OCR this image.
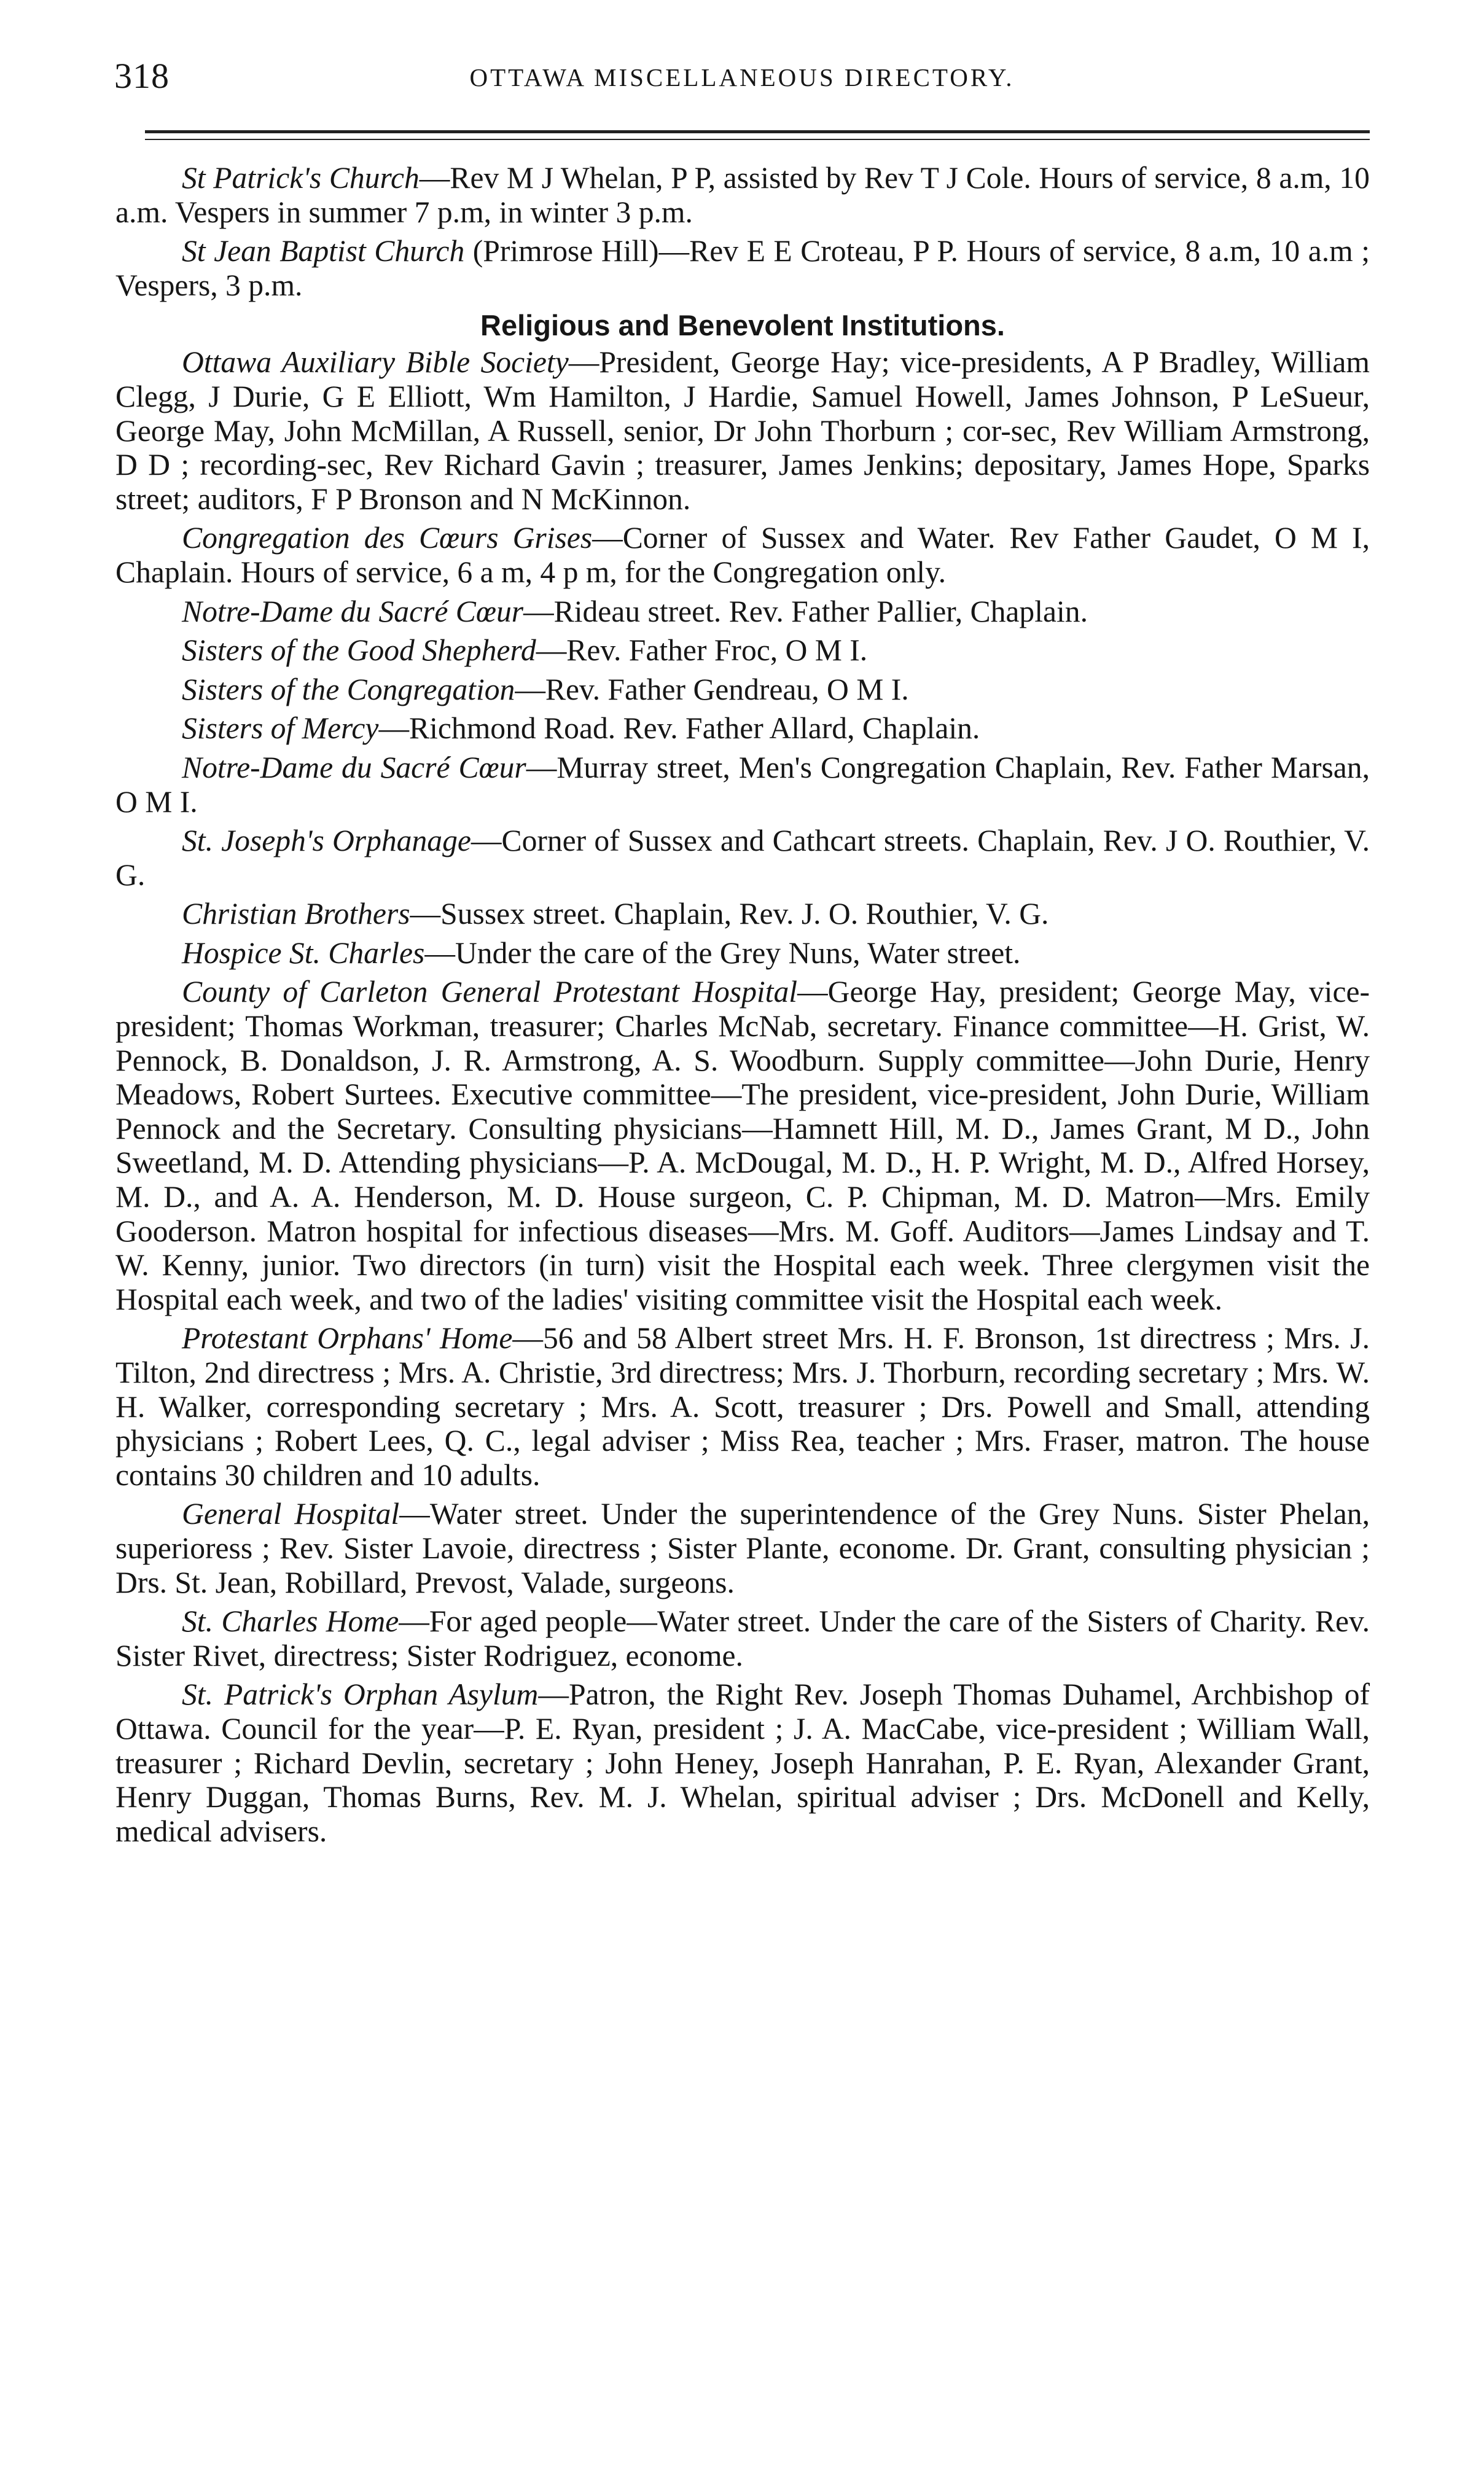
318	OTTAWA MISCELLANEOUS DIRECTORY.

St Patrick's Church—Rev M J Whelan, P P, assisted by Rev T J Cole. Hours of service, 8 a.m, 10 a.m. Vespers in summer 7 p.m, in winter 3 p.m.

St Jean Baptist Church (Primrose Hill)—Rev E E Croteau, P P. Hours of service, 8 a.m, 10 a.m ; Vespers, 3 p.m.

Religious and Benevolent Institutions.

Ottawa Auxiliary Bible Society—President, George Hay; vice-presidents, A P Bradley, William Clegg, J Durie, G E Elliott, Wm Hamilton, J Hardie, Samuel Howell, James Johnson, P LeSueur, George May, John McMillan, A Russell, senior, Dr John Thorburn ; cor-sec, Rev William Armstrong, D D ; recording-sec, Rev Richard Gavin ; treasurer, James Jenkins; depositary, James Hope, Sparks street; auditors, F P Bronson and N McKinnon.

Congregation des Cœurs Grises—Corner of Sussex and Water. Rev Father Gaudet, O M I, Chaplain. Hours of service, 6 a m, 4 p m, for the Congregation only.

Notre-Dame du Sacré Cœur—Rideau street. Rev. Father Pallier, Chaplain.

Sisters of the Good Shepherd—Rev. Father Froc, O M I.

Sisters of the Congregation—Rev. Father Gendreau, O M I.

Sisters of Mercy—Richmond Road. Rev. Father Allard, Chaplain.

Notre-Dame du Sacré Cœur—Murray street, Men's Congregation Chaplain, Rev. Father Marsan, O M I.

St. Joseph's Orphanage—Corner of Sussex and Cathcart streets. Chaplain, Rev. J O. Routhier, V. G.

Christian Brothers—Sussex street. Chaplain, Rev. J. O. Routhier, V. G.

Hospice St. Charles—Under the care of the Grey Nuns, Water street.

County of Carleton General Protestant Hospital—George Hay, president; George May, vice-president; Thomas Workman, treasurer; Charles McNab, secretary. Finance committee—H. Grist, W. Pennock, B. Donaldson, J. R. Armstrong, A. S. Woodburn. Supply committee—John Durie, Henry Meadows, Robert Surtees. Executive committee—The president, vice-president, John Durie, William Pennock and the Secretary. Consulting physicians—Hamnett Hill, M. D., James Grant, M D., John Sweetland, M. D. Attending physicians—P. A. McDougal, M. D., H. P. Wright, M. D., Alfred Horsey, M. D., and A. A. Henderson, M. D. House surgeon, C. P. Chipman, M. D. Matron—Mrs. Emily Gooderson. Matron hospital for infectious diseases—Mrs. M. Goff. Auditors—James Lindsay and T. W. Kenny, junior. Two directors (in turn) visit the Hospital each week. Three clergymen visit the Hospital each week, and two of the ladies' visiting committee visit the Hospital each week.

Protestant Orphans' Home—56 and 58 Albert street Mrs. H. F. Bronson, 1st directress ; Mrs. J. Tilton, 2nd directress ; Mrs. A. Christie, 3rd directress; Mrs. J. Thorburn, recording secretary ; Mrs. W. H. Walker, corresponding secretary ; Mrs. A. Scott, treasurer ; Drs. Powell and Small, attending physicians ; Robert Lees, Q. C., legal adviser ; Miss Rea, teacher ; Mrs. Fraser, matron. The house contains 30 children and 10 adults.

General Hospital—Water street. Under the superintendence of the Grey Nuns. Sister Phelan, superioress ; Rev. Sister Lavoie, directress ; Sister Plante, econome. Dr. Grant, consulting physician ; Drs. St. Jean, Robillard, Prevost, Valade, surgeons.

St. Charles Home—For aged people—Water street. Under the care of the Sisters of Charity. Rev. Sister Rivet, directress; Sister Rodriguez, econome.

St. Patrick's Orphan Asylum—Patron, the Right Rev. Joseph Thomas Duhamel, Archbishop of Ottawa. Council for the year—P. E. Ryan, president ; J. A. MacCabe, vice-president ; William Wall, treasurer ; Richard Devlin, secretary ; John Heney, Joseph Hanrahan, P. E. Ryan, Alexander Grant, Henry Duggan, Thomas Burns, Rev. M. J. Whelan, spiritual adviser ; Drs. McDonell and Kelly, medical advisers.
